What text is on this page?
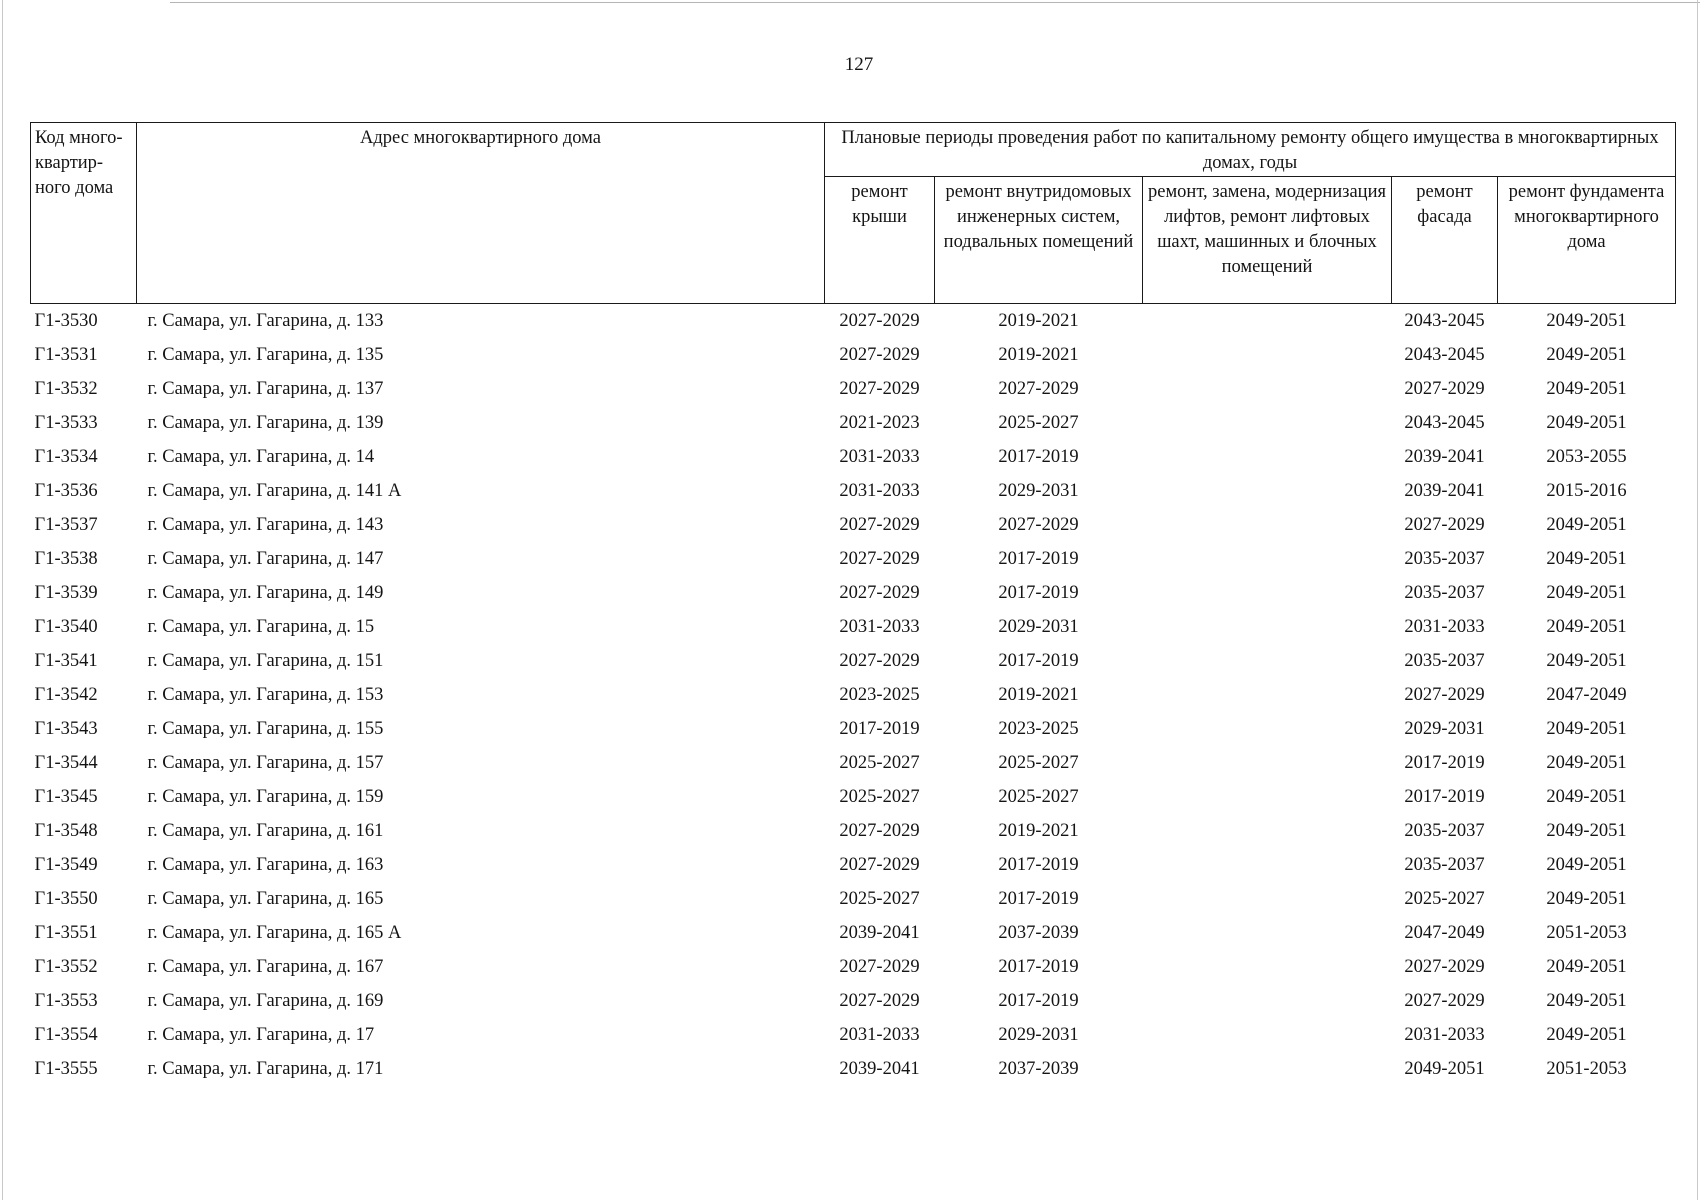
127
Код много-квартир-ного дома	Адрес многоквартирного дома	Плановые периоды проведения работ по капитальному ремонту общего имущества в многоквартирных домах, годы				
		ремонт крыши	ремонт внутридомовых инженерных систем, подвальных помещений	ремонт, замена, модернизация лифтов, ремонт лифтовых шахт, машинных и блочных помещений	ремонт фасада	ремонт фундамента многоквартирного дома
Г1-3530	г. Самара, ул. Гагарина, д. 133	2027-2029	2019-2021		2043-2045	2049-2051
Г1-3531	г. Самара, ул. Гагарина, д. 135	2027-2029	2019-2021		2043-2045	2049-2051
Г1-3532	г. Самара, ул. Гагарина, д. 137	2027-2029	2027-2029		2027-2029	2049-2051
Г1-3533	г. Самара, ул. Гагарина, д. 139	2021-2023	2025-2027		2043-2045	2049-2051
Г1-3534	г. Самара, ул. Гагарина, д. 14	2031-2033	2017-2019		2039-2041	2053-2055
Г1-3536	г. Самара, ул. Гагарина, д. 141 А	2031-2033	2029-2031		2039-2041	2015-2016
Г1-3537	г. Самара, ул. Гагарина, д. 143	2027-2029	2027-2029		2027-2029	2049-2051
Г1-3538	г. Самара, ул. Гагарина, д. 147	2027-2029	2017-2019		2035-2037	2049-2051
Г1-3539	г. Самара, ул. Гагарина, д. 149	2027-2029	2017-2019		2035-2037	2049-2051
Г1-3540	г. Самара, ул. Гагарина, д. 15	2031-2033	2029-2031		2031-2033	2049-2051
Г1-3541	г. Самара, ул. Гагарина, д. 151	2027-2029	2017-2019		2035-2037	2049-2051
Г1-3542	г. Самара, ул. Гагарина, д. 153	2023-2025	2019-2021		2027-2029	2047-2049
Г1-3543	г. Самара, ул. Гагарина, д. 155	2017-2019	2023-2025		2029-2031	2049-2051
Г1-3544	г. Самара, ул. Гагарина, д. 157	2025-2027	2025-2027		2017-2019	2049-2051
Г1-3545	г. Самара, ул. Гагарина, д. 159	2025-2027	2025-2027		2017-2019	2049-2051
Г1-3548	г. Самара, ул. Гагарина, д. 161	2027-2029	2019-2021		2035-2037	2049-2051
Г1-3549	г. Самара, ул. Гагарина, д. 163	2027-2029	2017-2019		2035-2037	2049-2051
Г1-3550	г. Самара, ул. Гагарина, д. 165	2025-2027	2017-2019		2025-2027	2049-2051
Г1-3551	г. Самара, ул. Гагарина, д. 165 А	2039-2041	2037-2039		2047-2049	2051-2053
Г1-3552	г. Самара, ул. Гагарина, д. 167	2027-2029	2017-2019		2027-2029	2049-2051
Г1-3553	г. Самара, ул. Гагарина, д. 169	2027-2029	2017-2019		2027-2029	2049-2051
Г1-3554	г. Самара, ул. Гагарина, д. 17	2031-2033	2029-2031		2031-2033	2049-2051
Г1-3555	г. Самара, ул. Гагарина, д. 171	2039-2041	2037-2039		2049-2051	2051-2053
